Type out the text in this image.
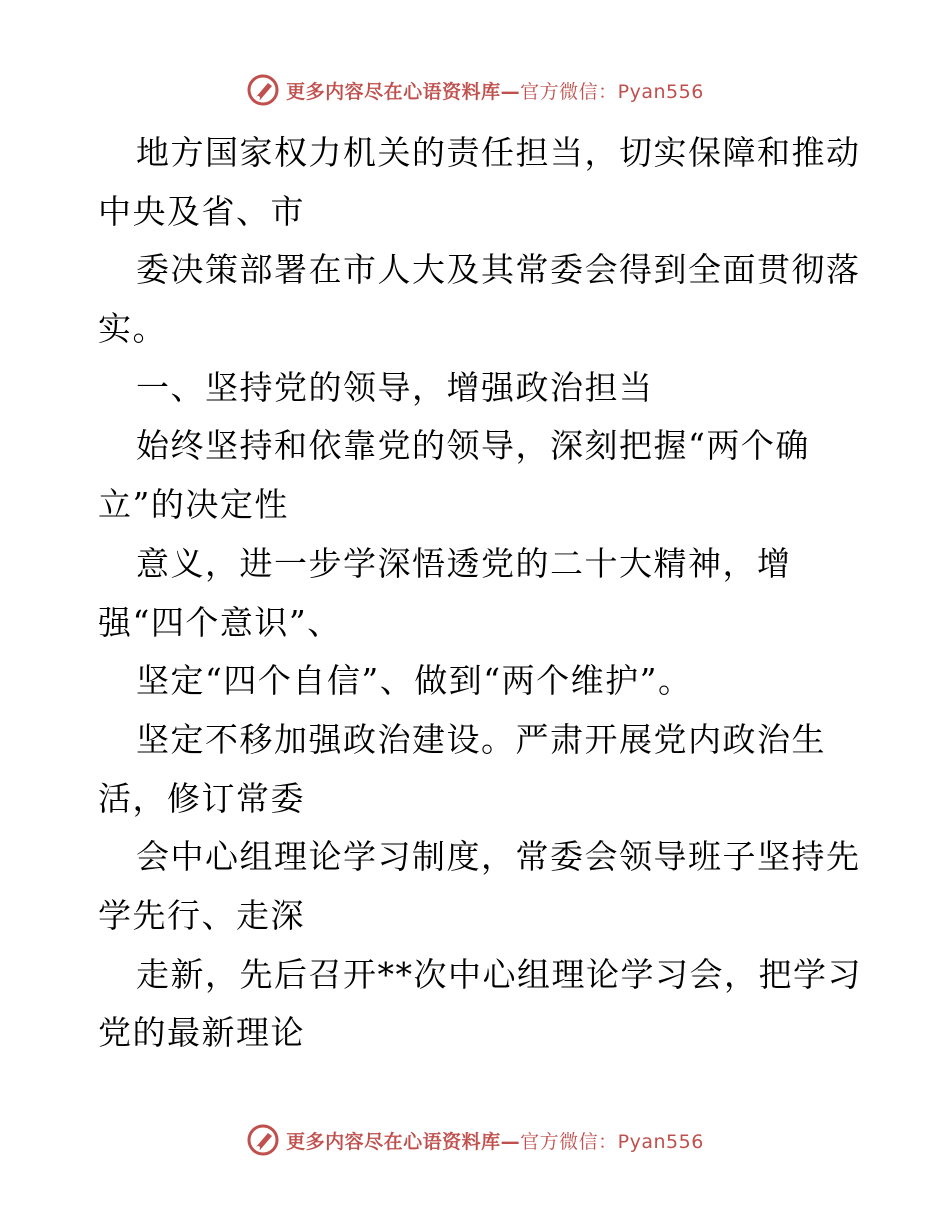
更多内容尽在心语资料库—官方微信：Pyan556
地方国家权力机关的责任担当，切实保障和推动
中央及省、市
委决策部署在市人大及其常委会得到全面贯彻落
实。
一、坚持党的领导，增强政治担当
始终坚持和依靠党的领导，深刻把握“两个确
立”的决定性
意义，进一步学深悟透党的二十大精神，增
强“四个意识”、
坚定“四个自信”、做到“两个维护”。
坚定不移加强政治建设。严肃开展党内政治生
活，修订常委
会中心组理论学习制度，常委会领导班子坚持先
学先行、走深
走新，先后召开**次中心组理论学习会，把学习
党的最新理论
更多内容尽在心语资料库—官方微信：Pyan556
